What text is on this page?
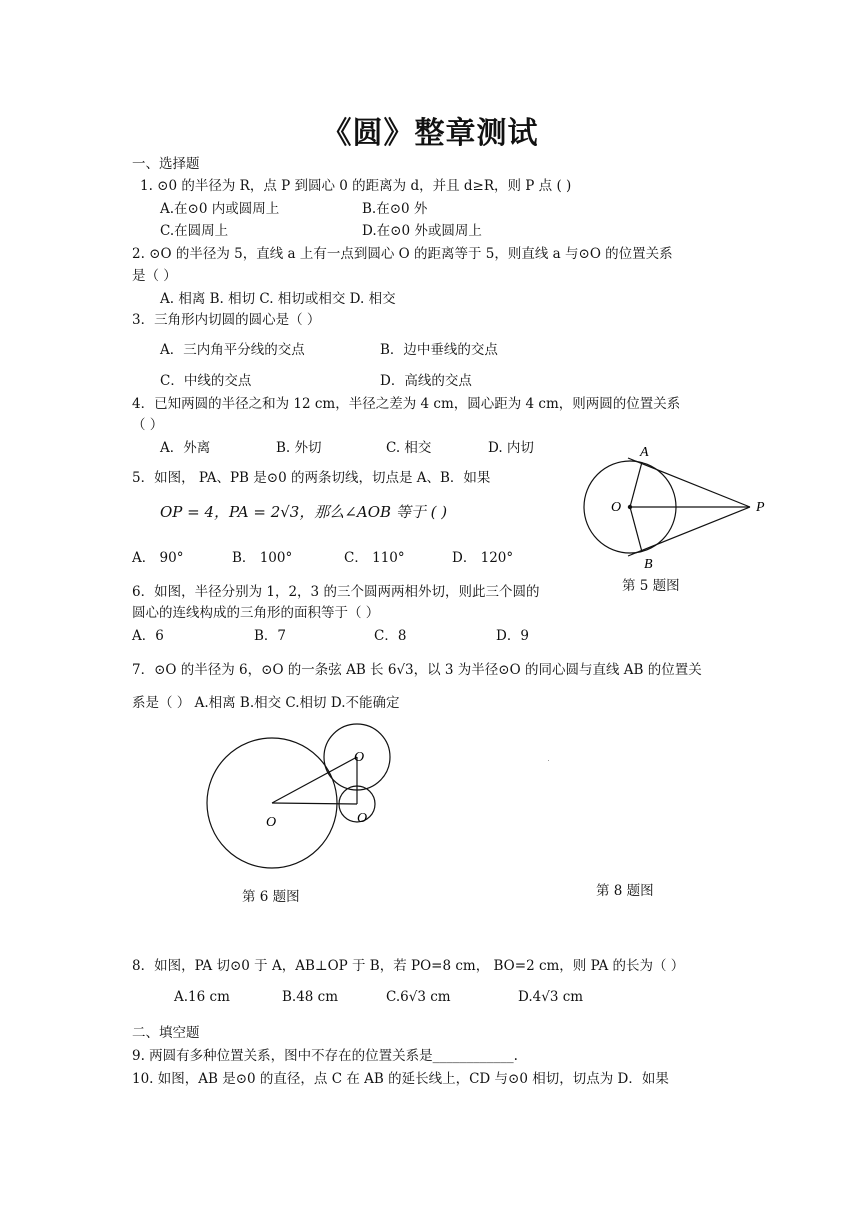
《圆》整章测试
一、选择题
1. ⊙0 的半径为 R，点 P 到圆心 0 的距离为 d，并且 d≥R，则 P 点 ( )
A.在⊙0 内或圆周上	B.在⊙0 外
C.在圆周上	D.在⊙0 外或圆周上
2. ⊙O 的半径为 5，直线 a 上有一点到圆心 O 的距离等于 5，则直线 a 与⊙O 的位置关系
是（ ）
A. 相离 B. 相切 C. 相切或相交 D. 相交
3．三角形内切圆的圆心是（ ）
A．三内角平分线的交点	B．边中垂线的交点
C．中线的交点	D．高线的交点
4．已知两圆的半径之和为 12 cm，半径之差为 4 cm，圆心距为 4 cm，则两圆的位置关系
（ ）
A．外离	B. 外切	C. 相交	D. 内切
5．如图， PA、PB 是⊙0 的两条切线，切点是 A、B．如果
OP = 4，PA = 2√3，那么∠AOB 等于 ( )
A． 90°	B． 100°	C． 110°	D． 120°
A
B
O	P
第 5 题图
6．如图，半径分别为 1，2，3 的三个圆两两相外切，则此三个圆的
圆心的连线构成的三角形的面积等于（ ）
A．6	B．7	C．8	D．9
7．⊙O 的半径为 6，⊙O 的一条弦 AB 长 6√3，以 3 为半径⊙O 的同心圆与直线 AB 的位置关
系是（ ） A.相离 B.相交 C.相切 D.不能确定
O
O
O
第 6 题图	第 8 题图
8．如图，PA 切⊙0 于 A，AB⊥OP 于 B，若 PO=8 cm， BO=2 cm，则 PA 的长为（ ）
A.16 cm	B.48 cm	C.6√3 cm	D.4√3 cm
二、填空题
9. 两圆有多种位置关系，图中不存在的位置关系是____________.
10. 如图，AB 是⊙0 的直径，点 C 在 AB 的延长线上，CD 与⊙0 相切，切点为 D．如果
